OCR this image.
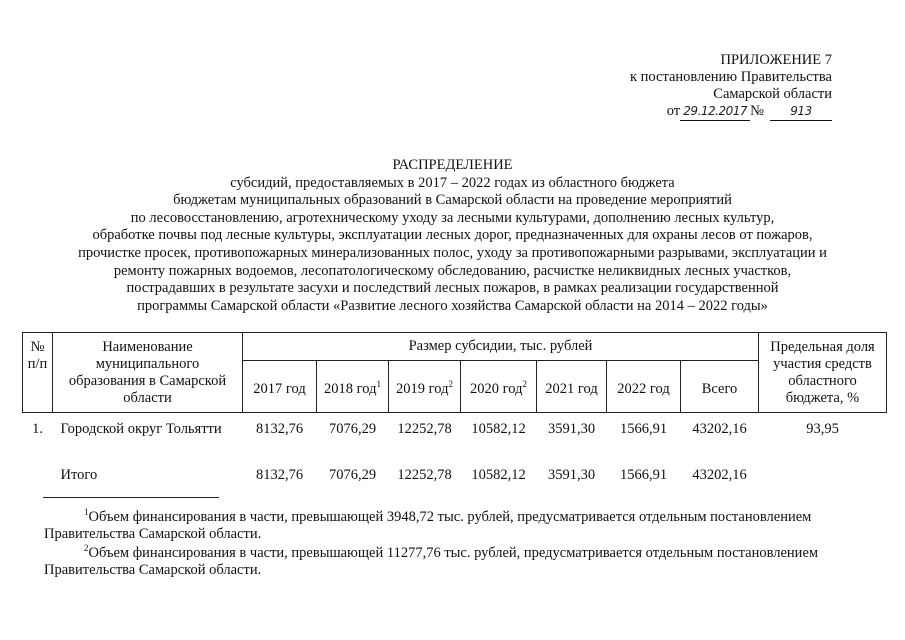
ПРИЛОЖЕНИЕ 7
к постановлению Правительства
Самарской области
от 29.12.2017 № 913
РАСПРЕДЕЛЕНИЕ
субсидий, предоставляемых в 2017 – 2022 годах из областного бюджета
бюджетам муниципальных образований в Самарской области на проведение мероприятий
по лесовосстановлению, агротехническому уходу за лесными культурами, дополнению лесных культур,
обработке почвы под лесные культуры, эксплуатации лесных дорог, предназначенных для охраны лесов от пожаров,
прочистке просек, противопожарных минерализованных полос, уходу за противопожарными разрывами, эксплуатации и
ремонту пожарных водоемов, лесопатологическому обследованию, расчистке неликвидных лесных участков,
пострадавших в результате засухи и последствий лесных пожаров, в рамках реализации государственной
программы Самарской области «Развитие лесного хозяйства Самарской области на 2014 – 2022 годы»
№ п/п	Наименование муниципального образования в Самарской области	Размер субсидии, тыс. рублей							Предельная доля участия средств областного бюджета, %
		2017 год	2018 год$^1$	2019 год$^2$	2020 год$^2$	2021 год	2022 год	Всего	
1.	Городской округ Тольятти	8132,76	7076,29	12252,78	10582,12	3591,30	1566,91	43202,16	93,95
	Итого	8132,76	7076,29	12252,78	10582,12	3591,30	1566,91	43202,16	
$^1$Объем финансирования в части, превышающей 3948,72 тыс. рублей, предусматривается отдельным постановлением Правительства Самарской области.
$^2$Объем финансирования в части, превышающей 11277,76 тыс. рублей, предусматривается отдельным постановлением Правительства Самарской области.
